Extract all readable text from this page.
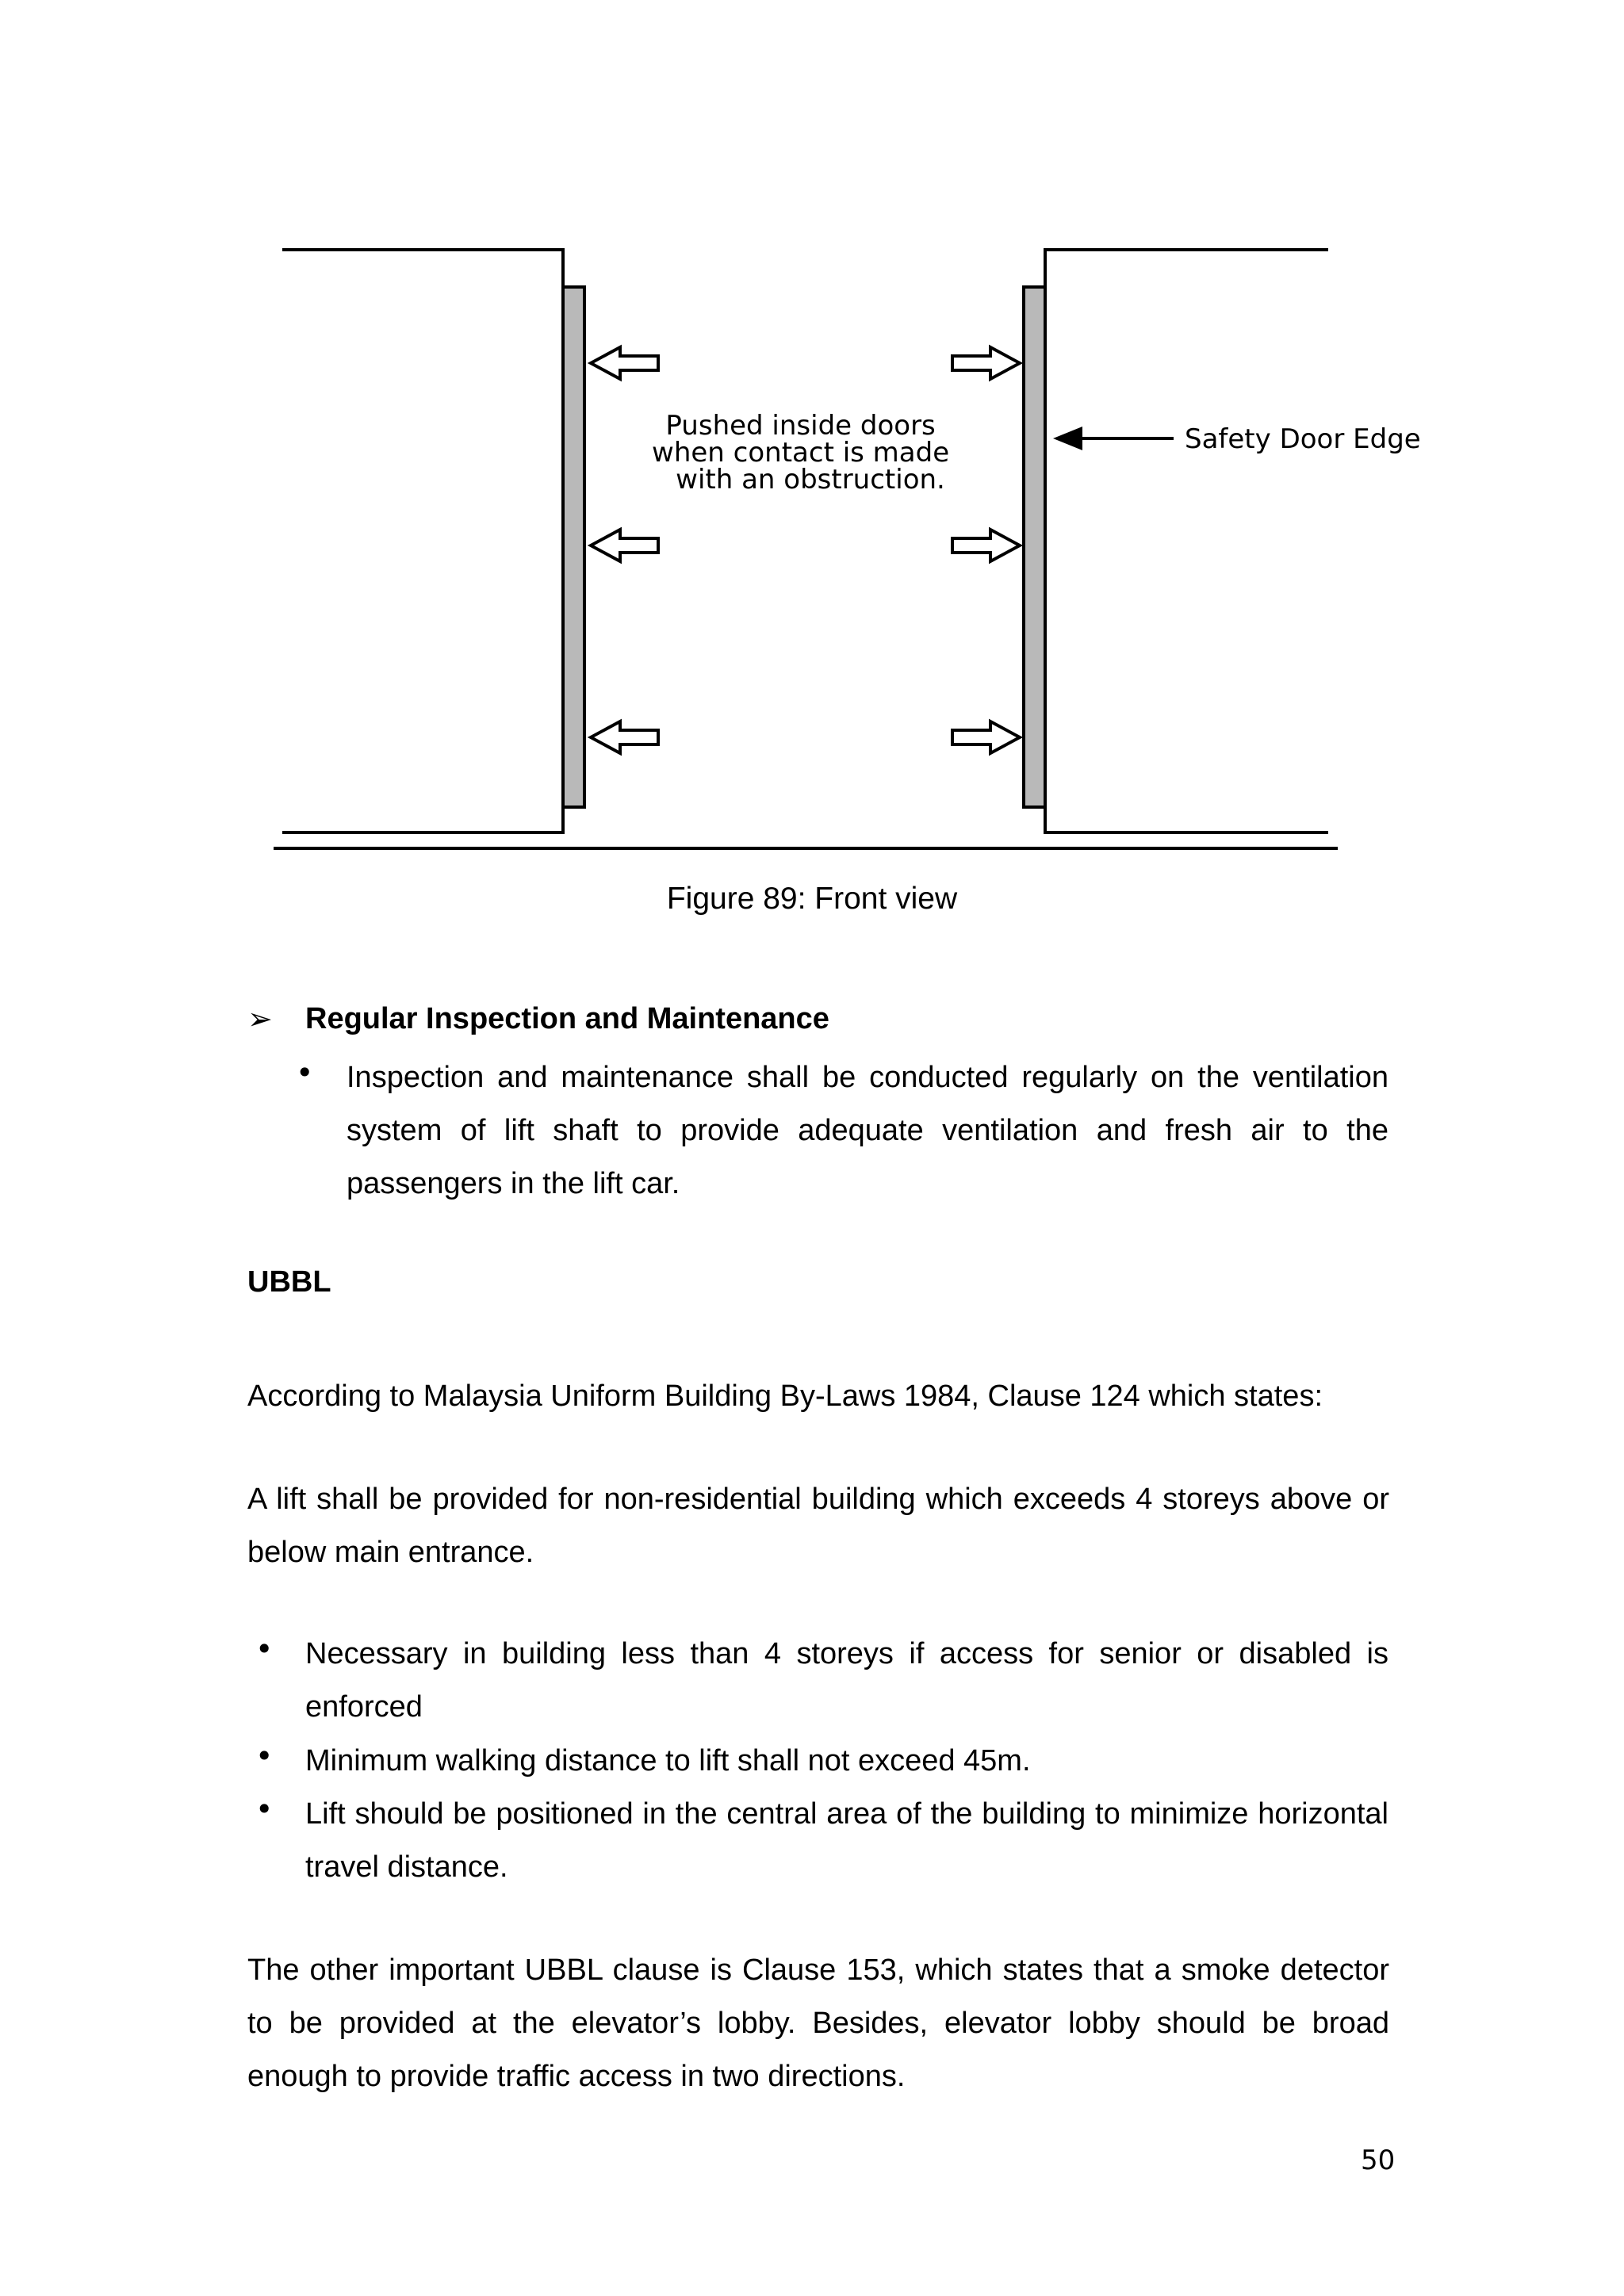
Pushed inside doors when contact is made with an obstruction.
Safety Door Edge
Figure 89: Front view
➢ Regular Inspection and Maintenance
• Inspection and maintenance shall be conducted regularly on the ventilation system of lift shaft to provide adequate ventilation and fresh air to the passengers in the lift car.
UBBL
According to Malaysia Uniform Building By-Laws 1984, Clause 124 which states:
A lift shall be provided for non-residential building which exceeds 4 storeys above or below main entrance.
• Necessary in building less than 4 storeys if access for senior or disabled is enforced
• Minimum walking distance to lift shall not exceed 45m.
• Lift should be positioned in the central area of the building to minimize horizontal travel distance.
The other important UBBL clause is Clause 153, which states that a smoke detector to be provided at the elevator’s lobby. Besides, elevator lobby should be broad enough to provide traffic access in two directions.
50
